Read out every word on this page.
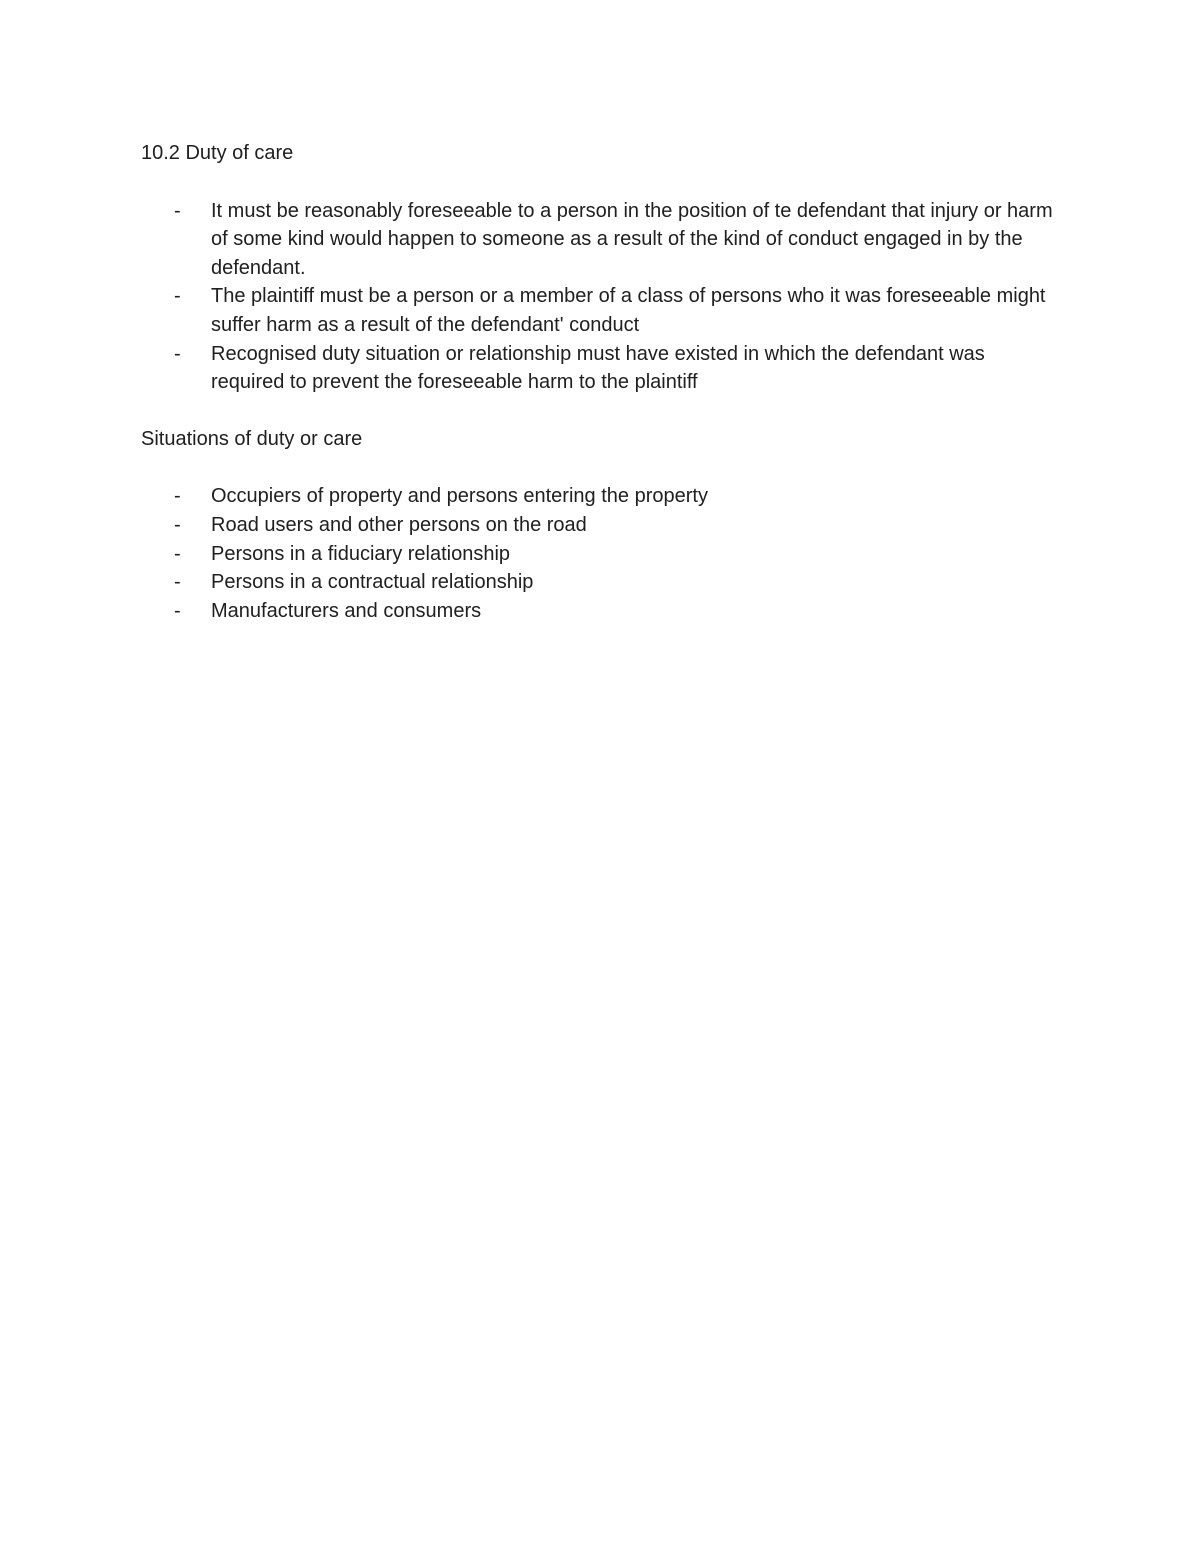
10.2 Duty of care

- It must be reasonably foreseeable to a person in the position of te defendant that injury or harm of some kind would happen to someone as a result of the kind of conduct engaged in by the defendant.
- The plaintiff must be a person or a member of a class of persons who it was foreseeable might suffer harm as a result of the defendant' conduct
- Recognised duty situation or relationship must have existed in which the defendant was required to prevent the foreseeable harm to the plaintiff

Situations of duty or care

- Occupiers of property and persons entering the property
- Road users and other persons on the road
- Persons in a fiduciary relationship
- Persons in a contractual relationship
- Manufacturers and consumers
